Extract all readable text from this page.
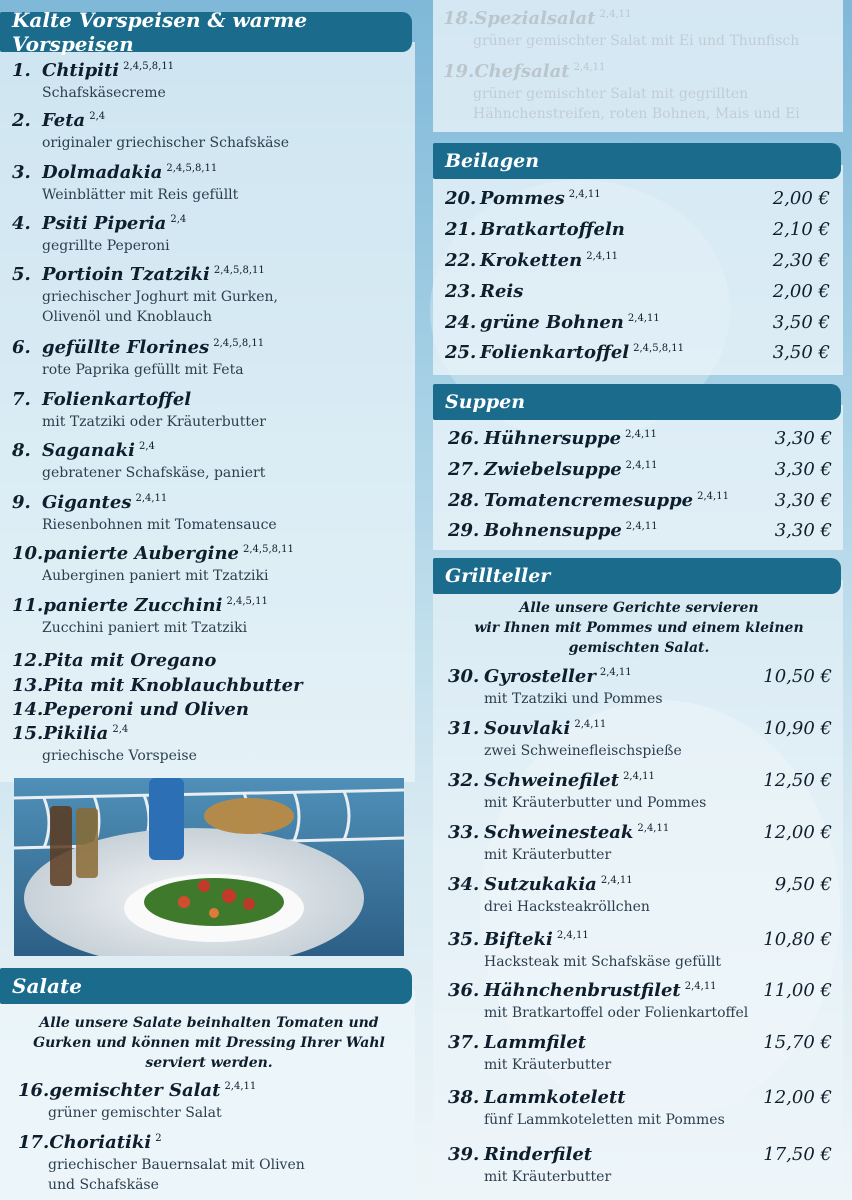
Kalte Vorspeisen & warme Vorspeisen
1. Chtipiti $^{2,4,5,8,11}$
Schafskäsecreme
2. Feta $^{2,4}$
originaler griechischer Schafskäse
3. Dolmadakia $^{2,4,5,8,11}$
Weinblätter mit Reis gefüllt
4. Psiti Piperia $^{2,4}$
gegrillte Peperoni
5. Portioin Tzatziki $^{2,4,5,8,11}$
griechischer Joghurt mit Gurken,
Olivenöl und Knoblauch
6. gefüllte Florines $^{2,4,5,8,11}$
rote Paprika gefüllt mit Feta
7. Folienkartoffel
mit Tzatziki oder Kräuterbutter
8. Saganaki $^{2,4}$
gebratener Schafskäse, paniert
9. Gigantes $^{2,4,11}$
Riesenbohnen mit Tomatensauce
10.panierte Aubergine $^{2,4,5,8,11}$
Auberginen paniert mit Tzatziki
11.panierte Zucchini $^{2,4,5,11}$
Zucchini paniert mit Tzatziki
12.Pita mit Oregano
13.Pita mit Knoblauchbutter
14.Peperoni und Oliven
15.Pikilia $^{2,4}$
griechische Vorspeise
Salate
Alle unsere Salate beinhalten Tomaten und
Gurken und können mit Dressing Ihrer Wahl
serviert werden.
16.gemischter Salat $^{2,4,11}$
grüner gemischter Salat
17.Choriatiki $^2$
griechischer Bauernsalat mit Oliven
und Schafskäse
Beilagen
20. Pommes $^{2,4,11}$	2,00 €
21. Bratkartoffeln	2,10 €
22. Kroketten $^{2,4,11}$	2,30 €
23. Reis	2,00 €
24. grüne Bohnen $^{2,4,11}$	3,50 €
25. Folienkartoffel $^{2,4,5,8,11}$	3,50 €
Suppen
26. Hühnersuppe $^{2,4,11}$	3,30 €
27. Zwiebelsuppe $^{2,4,11}$	3,30 €
28. Tomatencremesuppe $^{2,4,11}$	3,30 €
29. Bohnensuppe $^{2,4,11}$	3,30 €
Grillteller
Alle unsere Gerichte servieren
wir Ihnen mit Pommes und einem kleinen
gemischten Salat.
30. Gyrosteller $^{2,4,11}$	10,50 €
mit Tzatziki und Pommes
31. Souvlaki $^{2,4,11}$	10,90 €
zwei Schweinefleischspieße
32. Schweinefilet $^{2,4,11}$	12,50 €
mit Kräuterbutter und Pommes
33. Schweinesteak $^{2,4,11}$	12,00 €
mit Kräuterbutter
34. Sutzukakia $^{2,4,11}$	9,50 €
drei Hacksteakröllchen
35. Bifteki $^{2,4,11}$	10,80 €
Hacksteak mit Schafskäse gefüllt
36. Hähnchenbrustfilet $^{2,4,11}$	11,00 €
mit Bratkartoffel oder Folienkartoffel
37. Lammfilet	15,70 €
mit Kräuterbutter
38. Lammkotelett	12,00 €
fünf Lammkoteletten mit Pommes
39. Rinderfilet	17,50 €
mit Kräuterbutter
